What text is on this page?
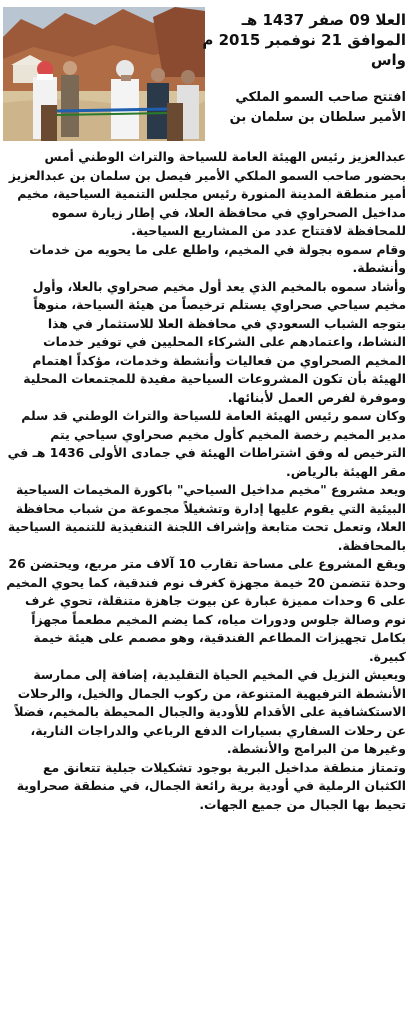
العلا 09 صفر 1437 هـ
الموافق 21 نوفمبر 2015 م
واس
افتتح صاحب السمو الملكي
الأمير سلطان بن سلمان بن

عبدالعزيز رئيس الهيئة العامة للسياحة والتراث الوطني أمس بحضور صاحب السمو الملكي الأمير فيصل بن سلمان بن عبدالعزيز أمير منطقة المدينة المنورة رئيس مجلس التنمية السياحية، مخيم مداخيل الصحراوي في محافظة العلا، في إطار زيارة سموه للمحافظة لافتتاح عدد من المشاريع السياحية.

وقام سموه بجولة في المخيم، واطلع على ما يحويه من خدمات وأنشطة.

وأشاد سموه بالمخيم الذي يعد أول مخيم صحراوي بالعلا، وأول مخيم سياحي صحراوي يستلم ترخيصاً من هيئة السياحة، منوهاً بتوجه الشباب السعودي في محافظة العلا للاستثمار في هذا النشاط، واعتمادهم على الشركاء المحليين في توفير خدمات المخيم الصحراوي من فعاليات وأنشطة وخدمات، مؤكداً اهتمام الهيئة بأن تكون المشروعات السياحية مفيدة للمجتمعات المحلية وموفرة لفرص العمل لأبنائها.

وكان سمو رئيس الهيئة العامة للسياحة والتراث الوطني قد سلم مدير المخيم رخصة المخيم كأول مخيم صحراوي سياحي يتم الترخيص له وفق اشتراطات الهيئة في جمادى الأولى 1436 هـ في مقر الهيئة بالرياض.

ويعد مشروع "مخيم مداخيل السياحي" باكورة المخيمات السياحية البيئية التي يقوم عليها إدارة وتشغيلاً مجموعة من شباب محافظة العلا، وتعمل تحت متابعة وإشراف اللجنة التنفيذية للتنمية السياحية بالمحافظة.

ويقع المشروع على مساحة تقارب 10 آلاف متر مربع، ويحتضن 26 وحدة تتضمن 20 خيمة مجهزة كغرف نوم فندقية، كما يحوي المخيم على 6 وحدات مميزة عبارة عن بيوت جاهزة متنقلة، تحوي غرف نوم وصالة جلوس ودورات مياه، كما يضم المخيم مطعماً مجهزاً بكامل تجهيزات المطاعم الفندقية، وهو مصمم على هيئة خيمة كبيرة.

ويعيش النزيل في المخيم الحياة التقليدية، إضافة إلى ممارسة الأنشطة الترفيهية المتنوعة، من ركوب الجمال والخيل، والرحلات الاستكشافية على الأقدام للأودية والجبال المحيطة بالمخيم، فضلاً عن رحلات السفاري بسيارات الدفع الرباعي والدراجات النارية، وغيرها من البرامج والأنشطة.

وتمتاز منطقة مداخيل البرية بوجود تشكيلات جبلية تتعانق مع الكثبان الرملية في أودية برية رائعة الجمال، في منطقة صحراوية تحيط بها الجبال من جميع الجهات.
